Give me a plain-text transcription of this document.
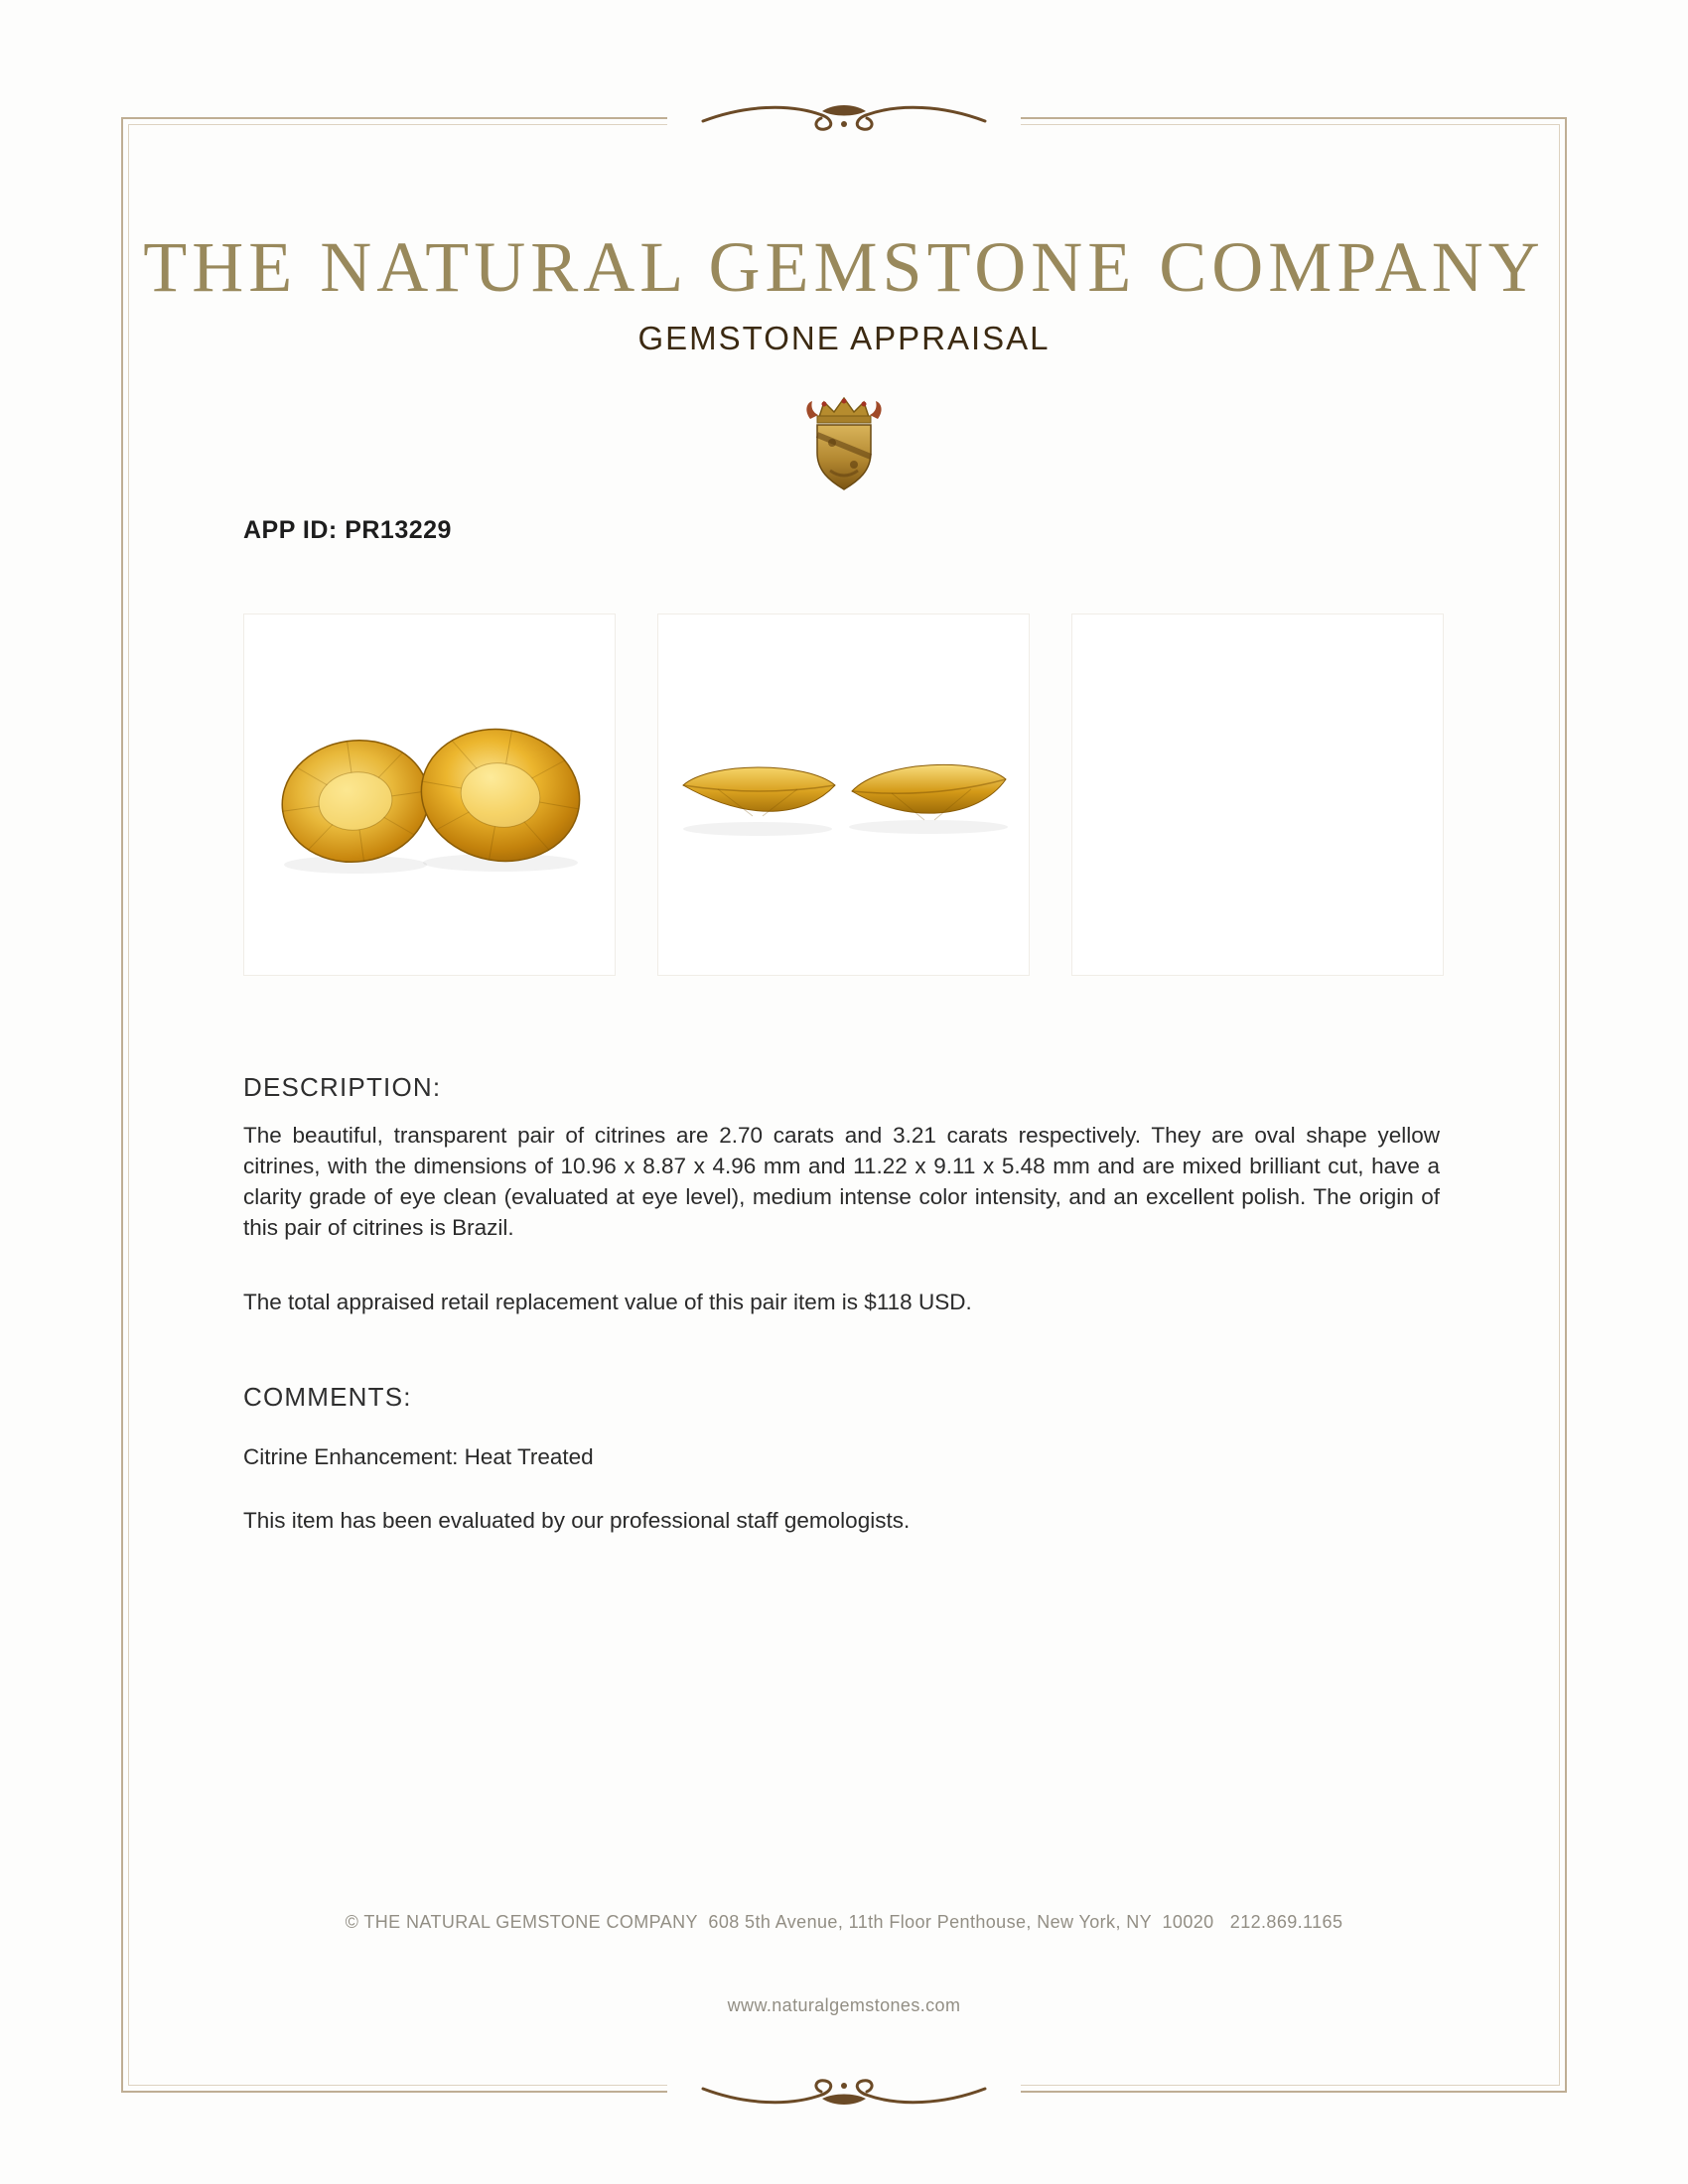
THE NATURAL GEMSTONE COMPANY
GEMSTONE APPRAISAL
APP ID: PR13229
DESCRIPTION:

The beautiful, transparent pair of citrines are 2.70 carats and 3.21 carats respectively. They are oval shape yellow citrines, with the dimensions of 10.96 x 8.87 x 4.96 mm and 11.22 x 9.11 x 5.48 mm and are mixed brilliant cut, have a clarity grade of eye clean (evaluated at eye level), medium intense color intensity, and an excellent polish. The origin of this pair of citrines is Brazil.

The total appraised retail replacement value of this pair item is $118 USD.

COMMENTS:

Citrine Enhancement: Heat Treated

This item has been evaluated by our professional staff gemologists.

© THE NATURAL GEMSTONE COMPANY  608 5th Avenue, 11th Floor Penthouse, New York, NY  10020   212.869.1165

www.naturalgemstones.com
